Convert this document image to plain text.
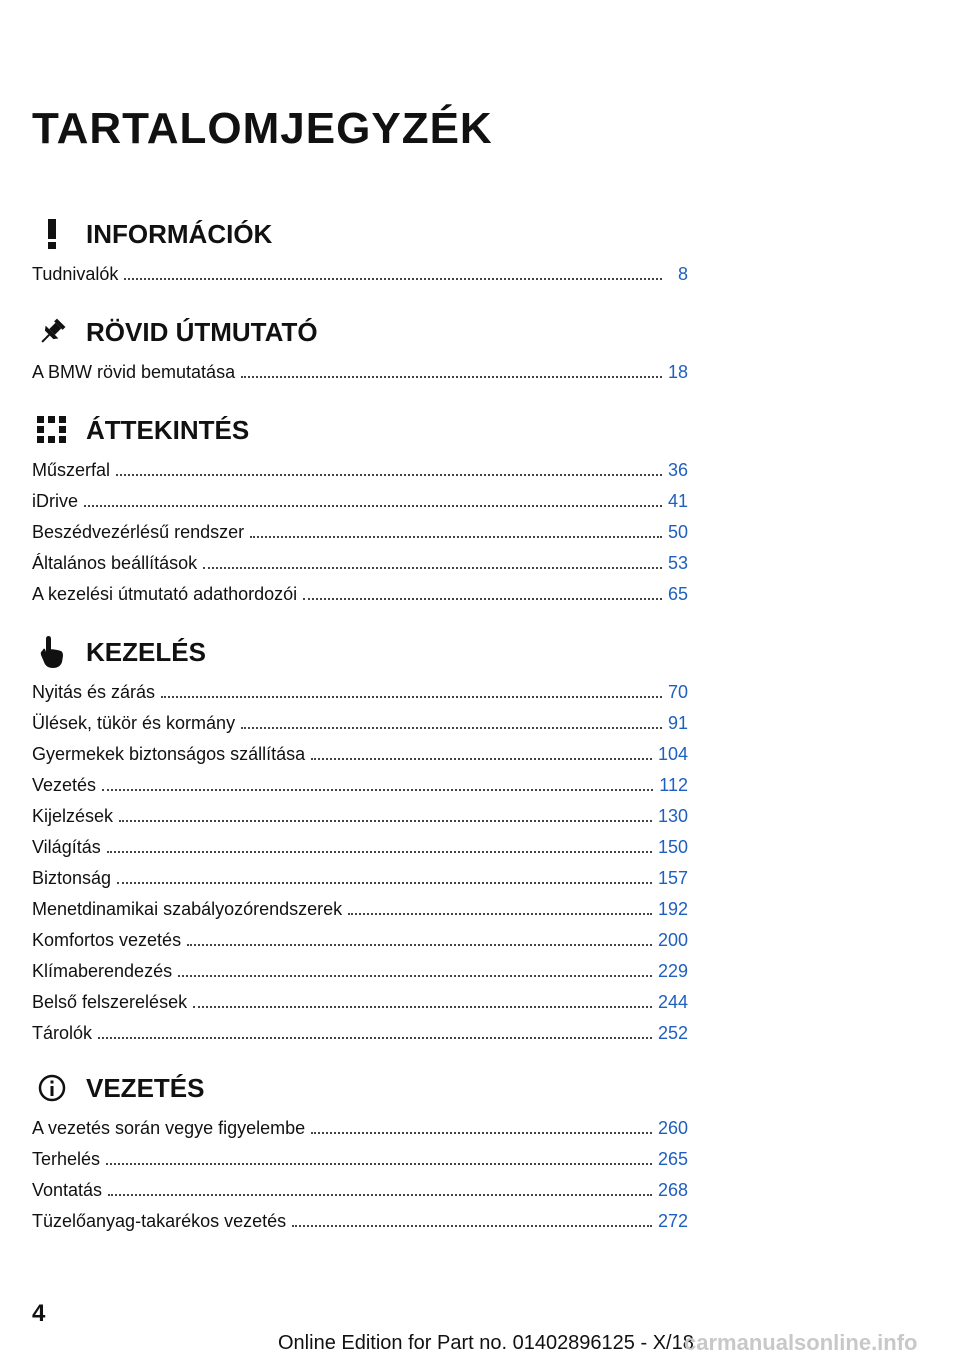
TARTALOMJEGYZÉK
INFORMÁCIÓK
Tudnivalók	8
RÖVID ÚTMUTATÓ
A BMW rövid bemutatása	18
ÁTTEKINTÉS
Műszerfal	36
iDrive	41
Beszédvezérlésű rendszer	50
Általános beállítások	53
A kezelési útmutató adathordozói	65
KEZELÉS
Nyitás és zárás	70
Ülések, tükör és kormány	91
Gyermekek biztonságos szállítása	104
Vezetés	112
Kijelzések	130
Világítás	150
Biztonság	157
Menetdinamikai szabályozórendszerek	192
Komfortos vezetés	200
Klímaberendezés	229
Belső felszerelések	244
Tárolók	252
VEZETÉS
A vezetés során vegye figyelembe	260
Terhelés	265
Vontatás	268
Tüzelőanyag-takarékos vezetés	272
4
Online Edition for Part no. 01402896125 - X/18
carmanualsonline.info
